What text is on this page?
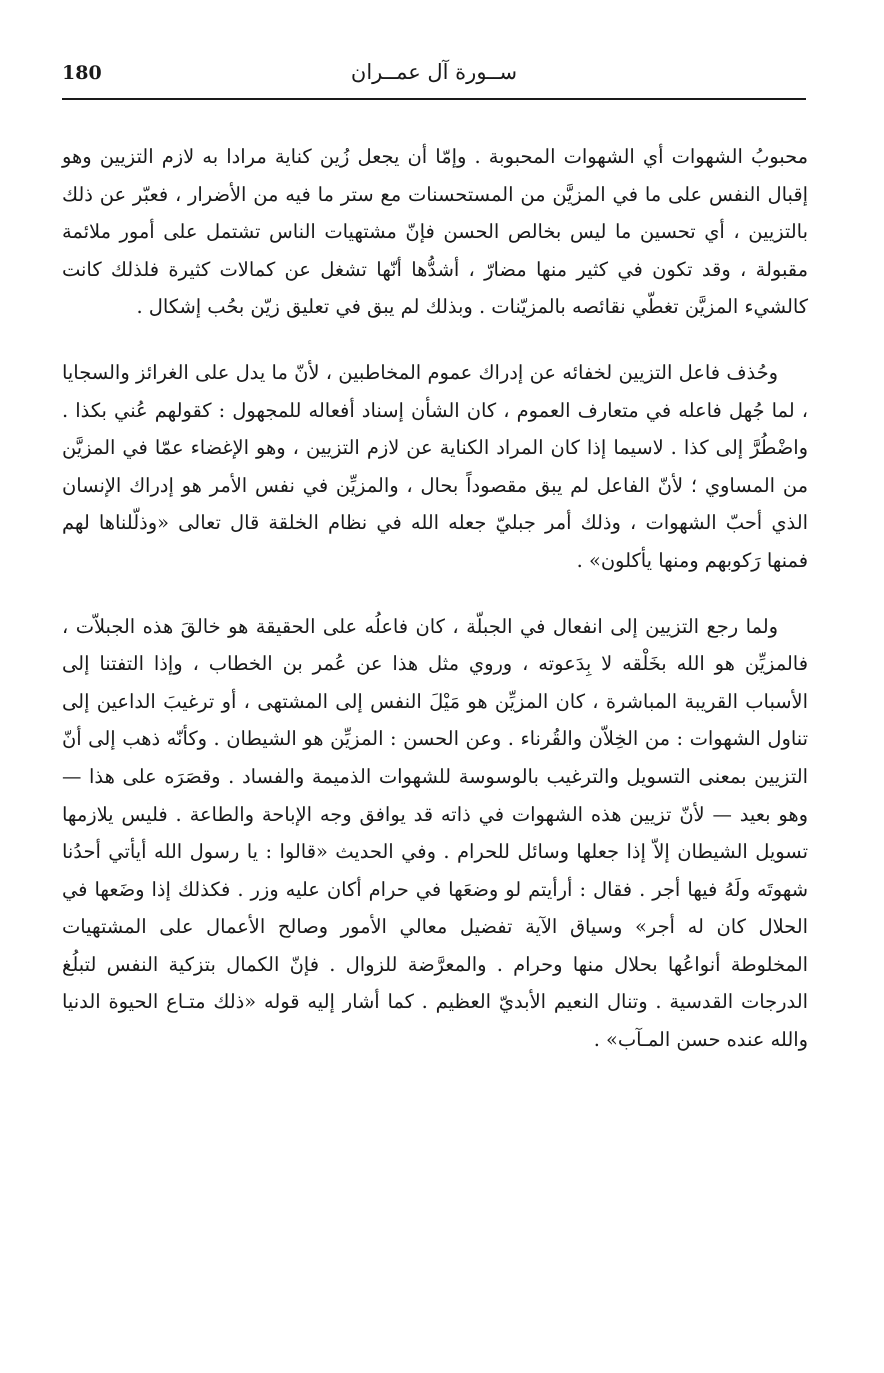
180	ســورة آل عمــران

محبوبُ الشهوات أي الشهوات المحبوبة . وإمّا أن يجعل زُين كناية مرادا به لازم التزيين وهو إقبال النفس على ما في المزيَّن من المستحسنات مع ستر ما فيه من الأضرار ، فعبّر عن ذلك بالتزيين ، أي تحسين ما ليس بخالص الحسن فإنّ مشتهيات الناس تشتمل على أمور ملائمة مقبولة ، وقد تكون في كثير منها مضارّ ، أشدُّها أنّها تشغل عن كمالات كثيرة فلذلك كانت كالشيء المزيَّن تغطّي نقائصه بالمزيّنات . وبذلك لم يبق في تعليق زيّن بحُب إشكال .

وحُذف فاعل التزيين لخفائه عن إدراك عموم المخاطبين ، لأنّ ما يدل على الغرائز والسجايا ، لما جُهل فاعله في متعارف العموم ، كان الشأن إسناد أفعاله للمجهول : كقولهم عُني بكذا . واضْطُرَّ إلى كذا . لاسيما إذا كان المراد الكناية عن لازم التزيين ، وهو الإغضاء عمّا في المزيَّن من المساوي ؛ لأنّ الفاعل لم يبق مقصوداً بحال ، والمزيِّن في نفس الأمر هو إدراك الإنسان الذي أحبّ الشهوات ، وذلك أمر جبليّ جعله الله في نظام الخلقة قال تعالى «وذلّلناها لهم فمنها رَكوبهم ومنها يأكلون» .

ولما رجع التزيين إلى انفعال في الجبلّة ، كان فاعلُه على الحقيقة هو خالقَ هذه الجبلاّت ، فالمزيِّن هو الله بخَلْقه لا بِدَعوته ، وروي مثل هذا عن عُمر بن الخطاب ، وإذا التفتنا إلى الأسباب القريبة المباشرة ، كان المزيِّن هو مَيْلَ النفس إلى المشتهى ، أو ترغيبَ الداعين إلى تناول الشهوات : من الخِلاّن والقُرناء . وعن الحسن : المزيِّن هو الشيطان . وكأنّه ذهب إلى أنّ التزيين بمعنى التسويل والترغيب بالوسوسة للشهوات الذميمة والفساد . وقصَرَه على هذا — وهو بعيد — لأنّ تزيين هذه الشهوات في ذاته قد يوافق وجه الإباحة والطاعة . فليس يلازمها تسويل الشيطان إلاّ إذا جعلها وسائل للحرام . وفي الحديث «قالوا : يا رسول الله أيأتي أحدُنا شهوتَه ولَهُ فيها أجر . فقال : أرأيتم لو وضعَها في حرام أكان عليه وزر . فكذلك إذا وضَعها في الحلال كان له أجر» وسياق الآية تفضيل معالي الأمور وصالح الأعمال على المشتهيات المخلوطة أنواعُها بحلال منها وحرام . والمعرَّضة للزوال . فإنّ الكمال بتزكية النفس لتبلُغ الدرجات القدسية . وتنال النعيم الأبديّ العظيم . كما أشار إليه قوله «ذلك متـاع الحيوة الدنيا والله عنده حسن المـآب» .
